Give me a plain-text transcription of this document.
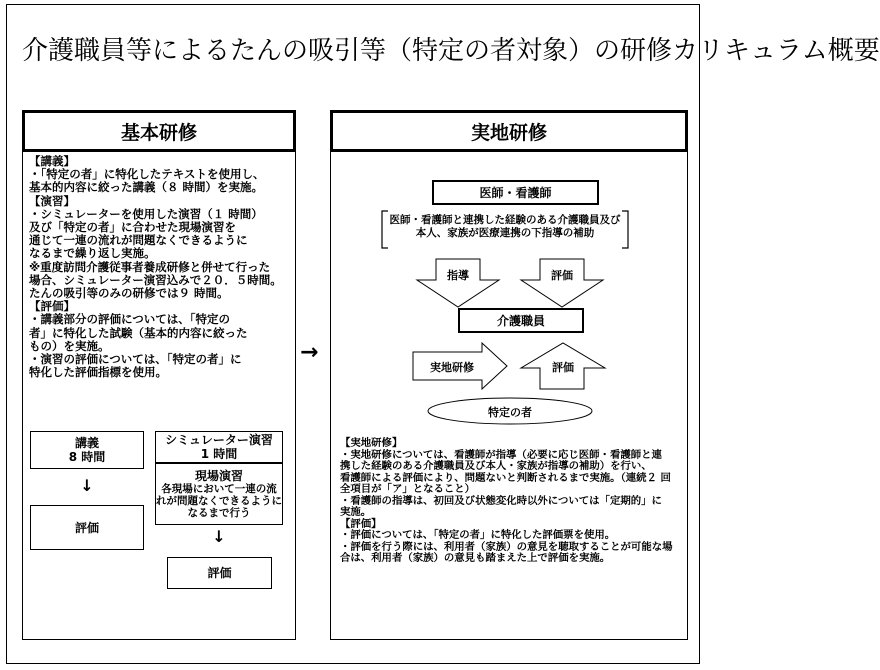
介護職員等によるたんの吸引等（特定の者対象）の研修カリキュラム概要
基本研修
【講義】
・「特定の者」に特化したテキストを使用し、
基本的内容に絞った講義（８ 時間）を実施。
【演習】
・シミュレーターを使用した演習（１ 時間）
及び「特定の者」に合わせた現場演習を
通じて一連の流れが問題なくできるように
なるまで繰り返し実施。
※重度訪問介護従事者養成研修と併せて行った
場合、シミュレーター演習込みで２０．５時間。
たんの吸引等のみの研修では９ 時間。
【評価】
・講義部分の評価については、「特定の
者」に特化した試験（基本的内容に絞った
もの）を実施。
・演習の評価については、「特定の者」に
特化した評価指標を使用。
講義
8 時間
↓
評価
シミュレーター演習
1 時間
現場演習
各現場において一連の流
れが問題なくできるように
なるまで行う
↓
評価
→
実地研修
医師・看護師
医師・看護師と連携した経験のある介護職員及び
本人、家族が医療連携の下指導の補助
指導	評価
介護職員
実地研修	評価
特定の者
【実地研修】
・実地研修については、看護師が指導（必要に応じ医師・看護師と連
携した経験のある介護職員及び本人・家族が指導の補助）を行い、
看護師による評価により、問題ないと判断されるまで実施。（連続２ 回
全項目が「ア」となること）
・看護師の指導は、初回及び状態変化時以外については「定期的」に
実施。
【評価】
・評価については、「特定の者」に特化した評価票を使用。
・評価を行う際には、利用者（家族）の意見を聴取することが可能な場
合は、利用者（家族）の意見も踏まえた上で評価を実施。
